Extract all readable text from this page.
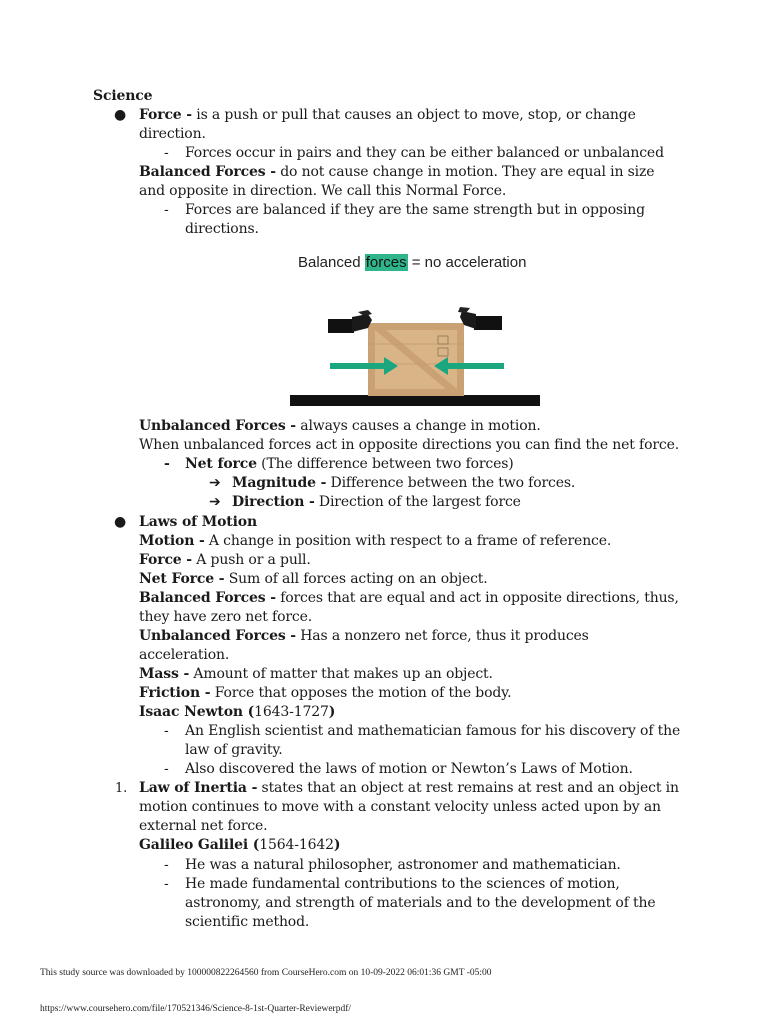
Science
● Force - is a push or pull that causes an object to move, stop, or change
direction.
- Forces occur in pairs and they can be either balanced or unbalanced
Balanced Forces - do not cause change in motion. They are equal in size
and opposite in direction. We call this Normal Force.
- Forces are balanced if they are the same strength but in opposing
directions.
Balanced forces = no acceleration
Unbalanced Forces - always causes a change in motion.
When unbalanced forces act in opposite directions you can find the net force.
- Net force (The difference between two forces)
➔ Magnitude - Difference between the two forces.
➔ Direction - Direction of the largest force
● Laws of Motion
Motion - A change in position with respect to a frame of reference.
Force - A push or a pull.
Net Force - Sum of all forces acting on an object.
Balanced Forces - forces that are equal and act in opposite directions, thus,
they have zero net force.
Unbalanced Forces - Has a nonzero net force, thus it produces
acceleration.
Mass - Amount of matter that makes up an object.
Friction - Force that opposes the motion of the body.
Isaac Newton (1643-1727)
- An English scientist and mathematician famous for his discovery of the
law of gravity.
- Also discovered the laws of motion or Newton’s Laws of Motion.
1. Law of Inertia - states that an object at rest remains at rest and an object in
motion continues to move with a constant velocity unless acted upon by an
external net force.
Galileo Galilei (1564-1642)
- He was a natural philosopher, astronomer and mathematician.
- He made fundamental contributions to the sciences of motion,
astronomy, and strength of materials and to the development of the
scientific method.
This study source was downloaded by 100000822264560 from CourseHero.com on 10-09-2022 06:01:36 GMT -05:00
https://www.coursehero.com/file/170521346/Science-8-1st-Quarter-Reviewerpdf/
